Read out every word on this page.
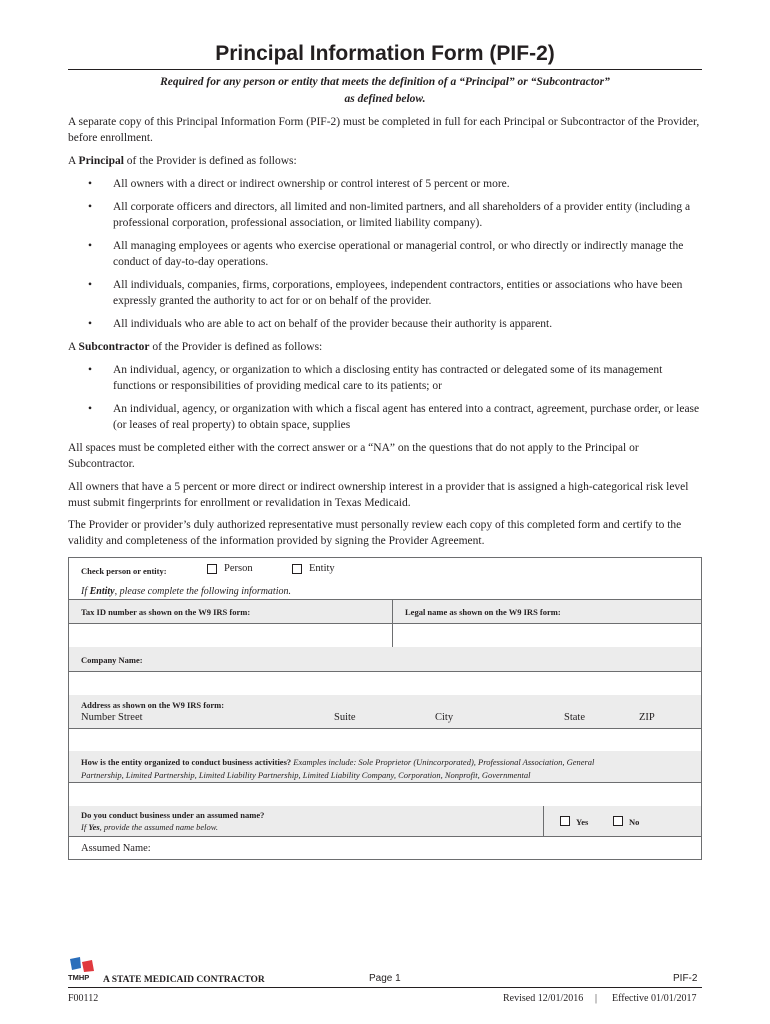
Principal Information Form (PIF-2)
Required for any person or entity that meets the definition of a “Principal” or “Subcontractor”
as defined below.

A separate copy of this Principal Information Form (PIF-2) must be completed in full for each Principal or Subcontractor of the Provider, before enrollment.

A Principal of the Provider is defined as follows:

• All owners with a direct or indirect ownership or control interest of 5 percent or more.
• All corporate officers and directors, all limited and non-limited partners, and all shareholders of a provider entity (including a professional corporation, professional association, or limited liability company).
• All managing employees or agents who exercise operational or managerial control, or who directly or indirectly manage the conduct of day-to-day operations.
• All individuals, companies, firms, corporations, employees, independent contractors, entities or associations who have been expressly granted the authority to act for or on behalf of the provider.
• All individuals who are able to act on behalf of the provider because their authority is apparent.

A Subcontractor of the Provider is defined as follows:

• An individual, agency, or organization to which a disclosing entity has contracted or delegated some of its management functions or responsibilities of providing medical care to its patients; or
• An individual, agency, or organization with which a fiscal agent has entered into a contract, agreement, purchase order, or lease (or leases of real property) to obtain space, supplies

All spaces must be completed either with the correct answer or a “NA” on the questions that do not apply to the Principal or Subcontractor.

All owners that have a 5 percent or more direct or indirect ownership interest in a provider that is assigned a high-categorical risk level must submit fingerprints for enrollment or revalidation in Texas Medicaid.

The Provider or provider’s duly authorized representative must personally review each copy of this completed form and certify to the validity and completeness of the information provided by signing the Provider Agreement.

Check person or entity:	Person	Entity
If Entity, please complete the following information.
Tax ID number as shown on the W9 IRS form:	Legal name as shown on the W9 IRS form:
Company Name:
Address as shown on the W9 IRS form:
Number Street	Suite	City	State	ZIP
How is the entity organized to conduct business activities? Examples include: Sole Proprietor (Unincorporated), Professional Association, General
Partnership, Limited Partnership, Limited Liability Partnership, Limited Liability Company, Corporation, Nonprofit, Governmental
Do you conduct business under an assumed name?
If Yes, provide the assumed name below.	Yes	No
Assumed Name:
TMHP A STATE MEDICAID CONTRACTOR	Page 1	PIF-2
F00112	Revised 12/01/2016 | Effective 01/01/2017
